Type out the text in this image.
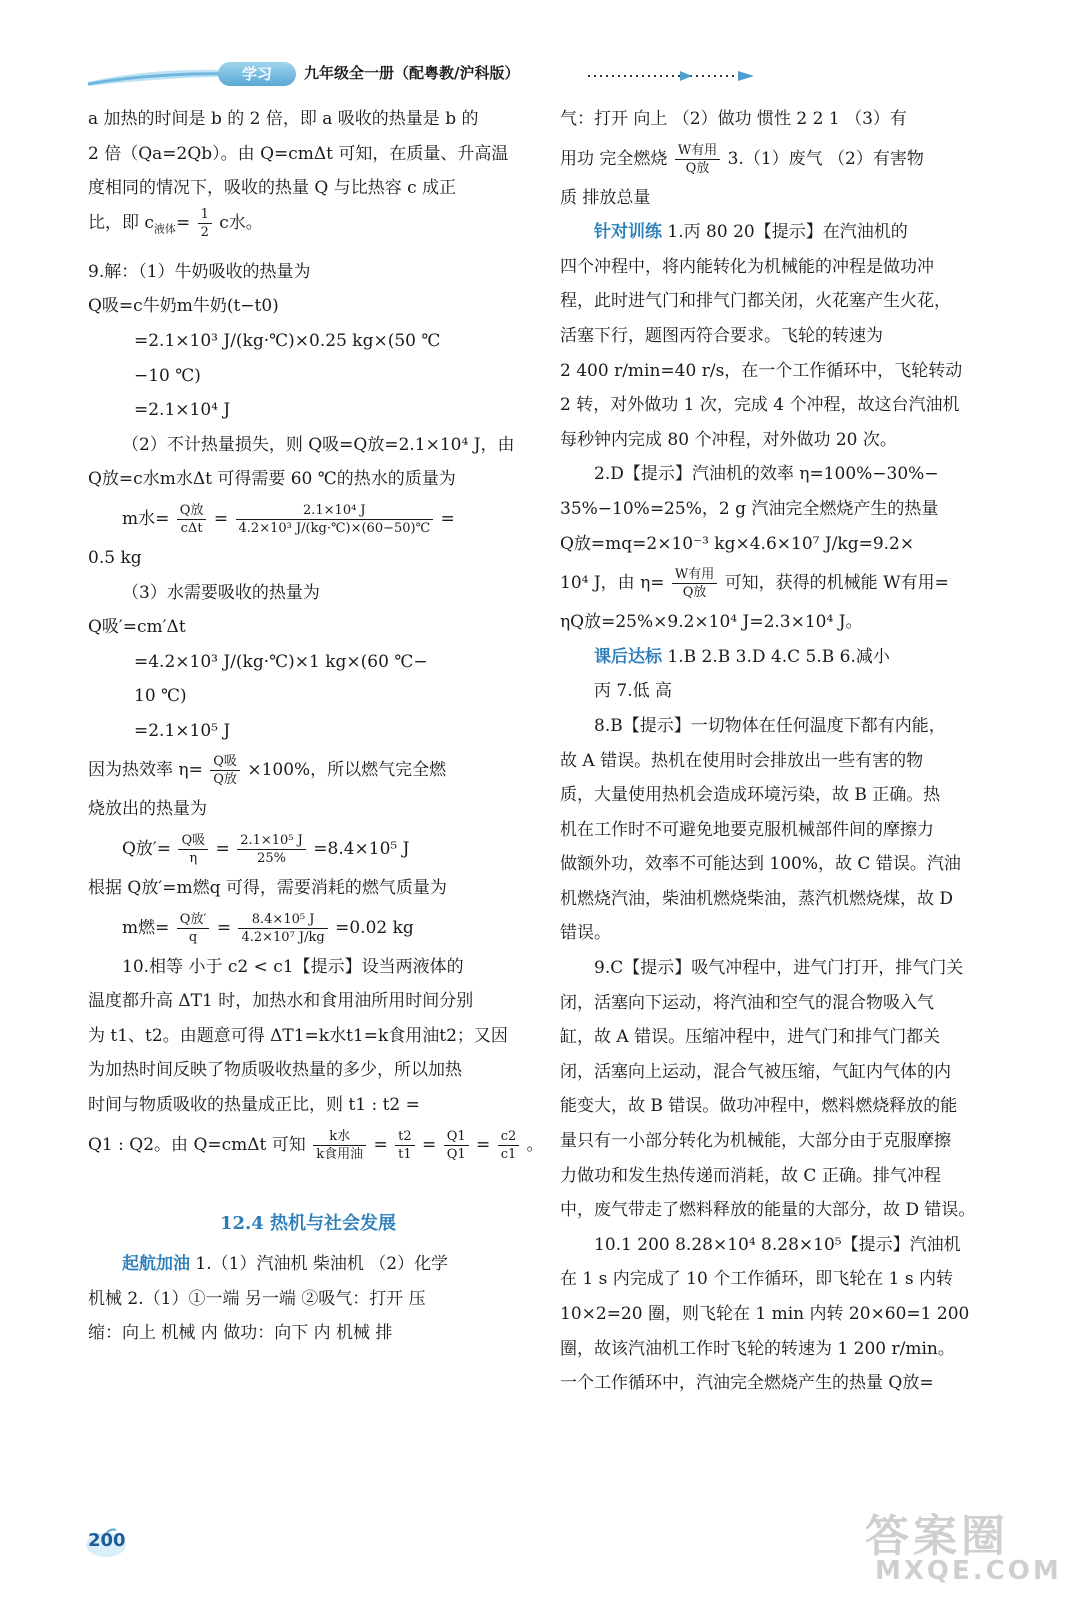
学习	九年级全一册（配粤教/沪科版）

a 加热的时间是 b 的 2 倍，即 a 吸收的热量是 b 的

2 倍（Qa=2Qb）。由 Q=cmΔt 可知，在质量、升高温

度相同的情况下，吸收的热量 Q 与比热容 c 成正

比，即 $c_{液体}= \frac{1}{2}$ c水。

9.解：（1）牛奶吸收的热量为

Q吸=c牛奶m牛奶(t−t0)

=2.1×10³ J/(kg·℃)×0.25 kg×(50 ℃

−10 ℃)

=2.1×10⁴ J

（2）不计热量损失，则 Q吸=Q放=2.1×10⁴ J，由

Q放=c水m水Δt 可得需要 60 ℃的热水的质量为

m水= $\frac{\text{Q放}}{\text{cΔt}} = \frac{\text{2.1×10⁴ J}}{\text{4.2×10³ J/(kg·℃)×(60−50)℃}}$ =

0.5 kg

（3）水需要吸收的热量为

Q吸′=cm′Δt

=4.2×10³ J/(kg·℃)×1 kg×(60 ℃−

10 ℃)

=2.1×10⁵ J

因为热效率 $\eta= \frac{\text{Q吸}}{\text{Q放}} \times 100\%$，所以燃气完全燃

烧放出的热量为

Q放′= $\frac{\text{Q吸}}{\eta} = \frac{\text{2.1×10⁵ J}}{25\%} =8.4\times 10^5$ J

根据 Q放′=m燃q 可得，需要消耗的燃气质量为

m燃= $\frac{\text{Q放′}}{q} = \frac{\text{8.4×10⁵ J}}{\text{4.2×10⁷ J/kg}} =0.02$ kg

10.相等 小于 c2 < c1【提示】设当两液体的

温度都升高 ΔT1 时，加热水和食用油所用时间分别

为 t1、t2。由题意可得 ΔT1=k水t1=k食用油t2；又因

为加热时间反映了物质吸收热量的多少，所以加热

时间与物质吸收的热量成正比，则 t1 : t2 =

Q1 : Q2。由 Q=cmΔt 可知 $\frac{\text{k水}}{\text{k食用油}} = \frac{t2}{t1} = \frac{Q1}{Q1} = \frac{c2}{c1}$ 。

12.4 热机与社会发展

起航加油 1.（1）汽油机 柴油机 （2）化学

机械 2.（1）①一端 另一端 ②吸气：打开 压

缩：向上 机械 内 做功：向下 内 机械 排

气：打开 向上 （2）做功 惯性 2 2 1 （3）有

用功 完全燃烧 $\frac{\text{W有用}}{\text{Q放}} 3.(1)$废气 （2）有害物

质 排放总量

针对训练 1.丙 80 20【提示】在汽油机的

四个冲程中，将内能转化为机械能的冲程是做功冲

程，此时进气门和排气门都关闭，火花塞产生火花，

活塞下行，题图丙符合要求。飞轮的转速为

2 400 r/min=40 r/s，在一个工作循环中，飞轮转动

2 转，对外做功 1 次，完成 4 个冲程，故这台汽油机

每秒钟内完成 80 个冲程，对外做功 20 次。

2.D【提示】汽油机的效率 η=100%−30%−

35%−10%=25%，2 g 汽油完全燃烧产生的热量

Q放=mq=2×10⁻³ kg×4.6×10⁷ J/kg=9.2×

10⁴ J，由 $\eta= \frac{\text{W有用}}{\text{Q放}}$ 可知，获得的机械能 W有用=

ηQ放=25%×9.2×10⁴ J=2.3×10⁴ J。

课后达标 1.B 2.B 3.D 4.C 5.B 6.减小

丙 7.低 高

8.B【提示】一切物体在任何温度下都有内能，

故 A 错误。热机在使用时会排放出一些有害的物

质，大量使用热机会造成环境污染，故 B 正确。热

机在工作时不可避免地要克服机械部件间的摩擦力

做额外功，效率不可能达到 100%，故 C 错误。汽油

机燃烧汽油，柴油机燃烧柴油，蒸汽机燃烧煤，故 D

错误。

9.C【提示】吸气冲程中，进气门打开，排气门关

闭，活塞向下运动，将汽油和空气的混合物吸入气

缸，故 A 错误。压缩冲程中，进气门和排气门都关

闭，活塞向上运动，混合气被压缩，气缸内气体的内

能变大，故 B 错误。做功冲程中，燃料燃烧释放的能

量只有一小部分转化为机械能，大部分由于克服摩擦

力做功和发生热传递而消耗，故 C 正确。排气冲程

中，废气带走了燃料释放的能量的大部分，故 D 错误。

10.1 200 8.28×10⁴ 8.28×10⁵【提示】汽油机

在 1 s 内完成了 10 个工作循环，即飞轮在 1 s 内转

10×2=20 圈，则飞轮在 1 min 内转 20×60=1 200

圈，故该汽油机工作时飞轮的转速为 1 200 r/min。

一个工作循环中，汽油完全燃烧产生的热量 Q放=

200	答案圈
MXQE.COM
